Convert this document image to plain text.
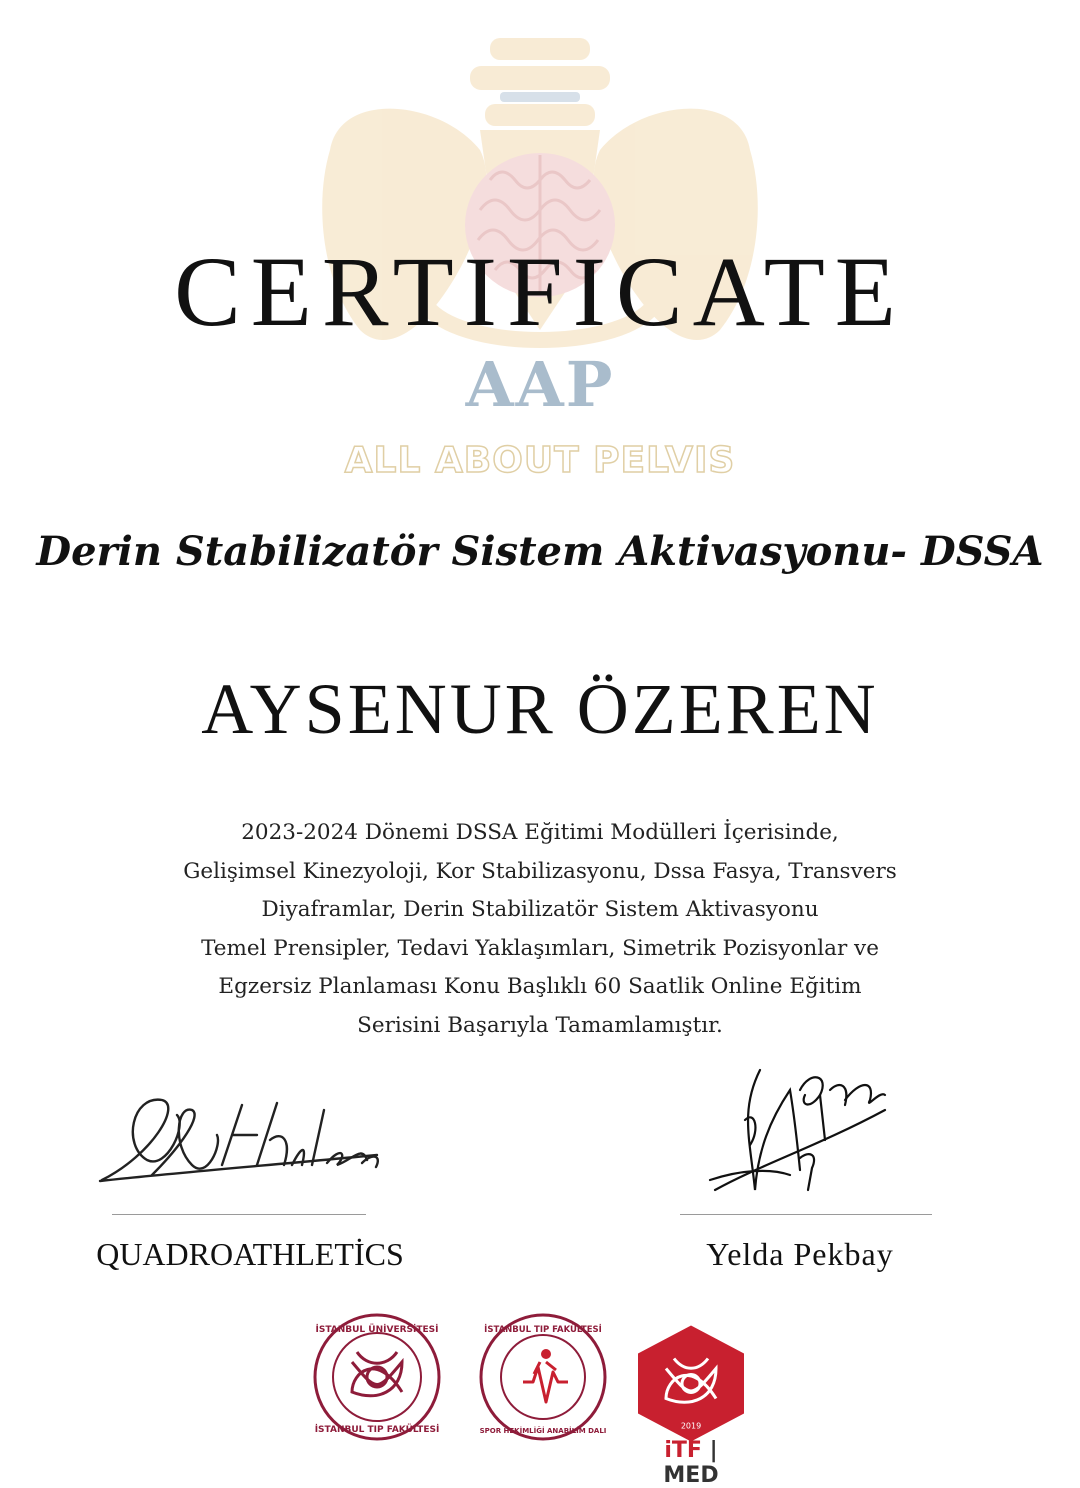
AAP
ALL ABOUT PELVIS
CERTIFICATE
Derin Stabilizatör Sistem Aktivasyonu- DSSA
AYSENUR ÖZEREN
2023-2024 Dönemi DSSA Eğitimi Modülleri İçerisinde,
Gelişimsel Kinezyoloji, Kor Stabilizasyonu, Dssa Fasya, Transvers
Diyaframlar, Derin Stabilizatör Sistem Aktivasyonu
Temel Prensipler, Tedavi Yaklaşımları, Simetrik Pozisyonlar ve
Egzersiz Planlaması Konu Başlıklı 60 Saatlik Online Eğitim
Serisini Başarıyla Tamamlamıştır.
QUADROATHLETİCS	Yelda Pekbay
İSTANBUL ÜNİVERSİTESİ
İSTANBUL TIP FAKÜLTESİ
İSTANBUL TIP FAKÜLTESİ
SPOR HEKİMLİĞİ ANABİLİM DALI
2019
iTF | MED
